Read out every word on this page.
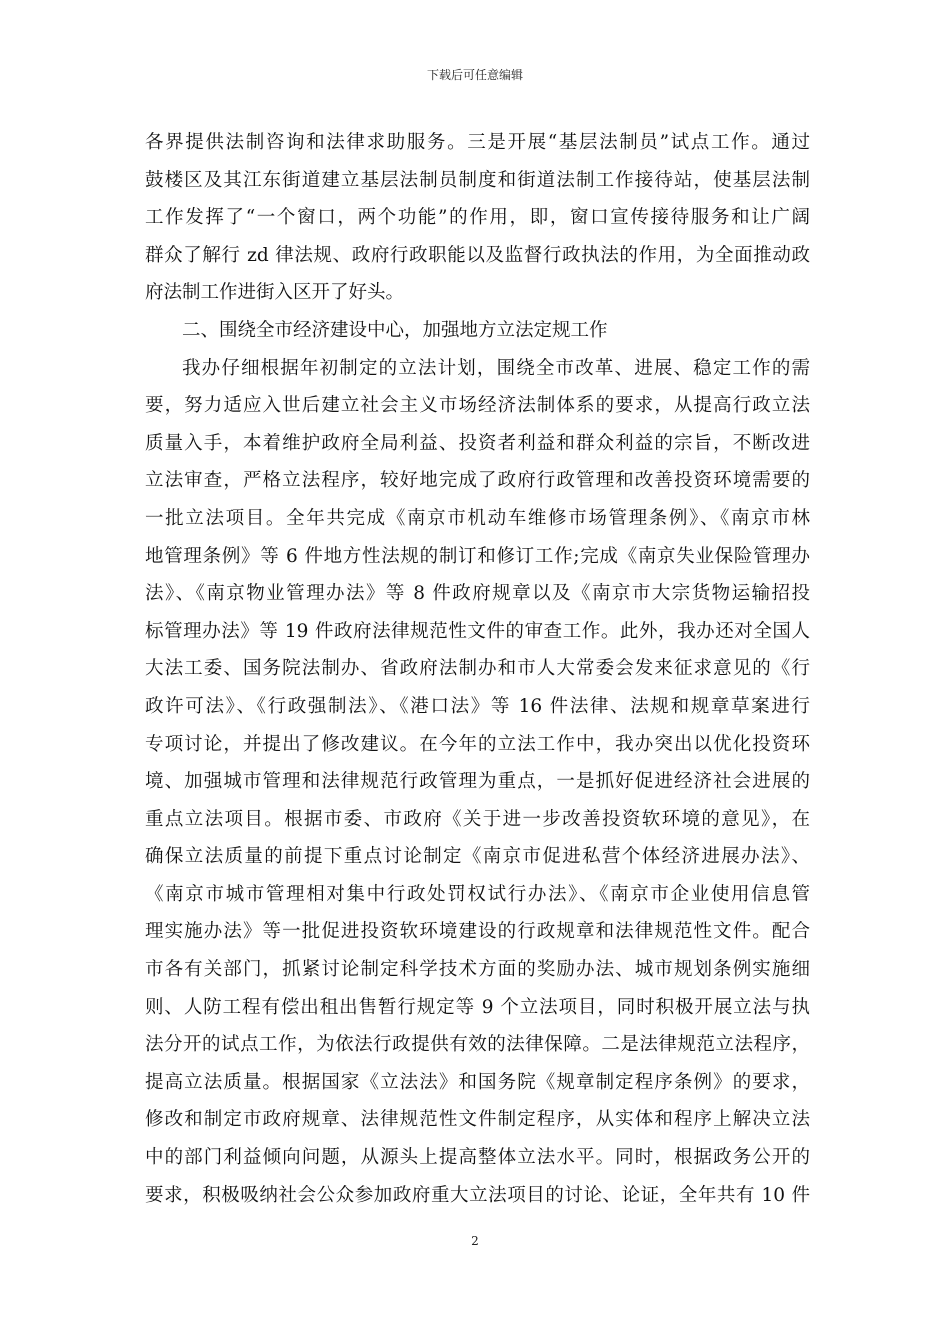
下载后可任意编辑
各界提供法制咨询和法律求助服务。三是开展“基层法制员”试点工作。通过
鼓楼区及其江东街道建立基层法制员制度和街道法制工作接待站，使基层法制
工作发挥了“一个窗口，两个功能”的作用，即，窗口宣传接待服务和让广阔
群众了解行 zd 律法规、政府行政职能以及监督行政执法的作用，为全面推动政
府法制工作进街入区开了好头。
二、围绕全市经济建设中心，加强地方立法定规工作
我办仔细根据年初制定的立法计划，围绕全市改革、进展、稳定工作的需
要，努力适应入世后建立社会主义市场经济法制体系的要求，从提高行政立法
质量入手，本着维护政府全局利益、投资者利益和群众利益的宗旨，不断改进
立法审查，严格立法程序，较好地完成了政府行政管理和改善投资环境需要的
一批立法项目。全年共完成《南京市机动车维修市场管理条例》、《南京市林
地管理条例》等 6 件地方性法规的制订和修订工作;完成《南京失业保险管理办
法》、《南京物业管理办法》等 8 件政府规章以及《南京市大宗货物运输招投
标管理办法》等 19 件政府法律规范性文件的审查工作。此外，我办还对全国人
大法工委、国务院法制办、省政府法制办和市人大常委会发来征求意见的《行
政许可法》、《行政强制法》、《港口法》等 16 件法律、法规和规章草案进行
专项讨论，并提出了修改建议。在今年的立法工作中，我办突出以优化投资环
境、加强城市管理和法律规范行政管理为重点，一是抓好促进经济社会进展的
重点立法项目。根据市委、市政府《关于进一步改善投资软环境的意见》，在
确保立法质量的前提下重点讨论制定《南京市促进私营个体经济进展办法》、
《南京市城市管理相对集中行政处罚权试行办法》、《南京市企业使用信息管
理实施办法》等一批促进投资软环境建设的行政规章和法律规范性文件。配合
市各有关部门，抓紧讨论制定科学技术方面的奖励办法、城市规划条例实施细
则、人防工程有偿出租出售暂行规定等 9 个立法项目，同时积极开展立法与执
法分开的试点工作，为依法行政提供有效的法律保障。二是法律规范立法程序，
提高立法质量。根据国家《立法法》和国务院《规章制定程序条例》的要求，
修改和制定市政府规章、法律规范性文件制定程序，从实体和程序上解决立法
中的部门利益倾向问题，从源头上提高整体立法水平。同时，根据政务公开的
要求，积极吸纳社会公众参加政府重大立法项目的讨论、论证，全年共有 10 件
2
